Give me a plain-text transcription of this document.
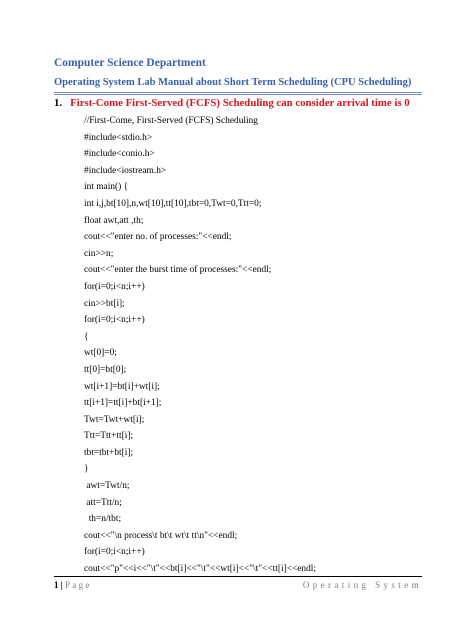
Computer Science Department
Operating System Lab Manual about Short Term Scheduling (CPU Scheduling)
1. First-Come First-Served (FCFS) Scheduling can consider arrival time is 0
//First-Come, First-Served (FCFS) Scheduling
#include<stdio.h>
#include<conio.h>
#include<iostream.h>
int main() {
int i,j,bt[10],n,wt[10],tt[10],tbt=0,Twt=0,Ttt=0;
float awt,att ,th;
cout<<"enter no. of processes:"<<endl;
cin>>n;
cout<<"enter the burst time of processes:"<<endl;
for(i=0;i<n;i++)
cin>>bt[i];
for(i=0;i<n;i++)
{
wt[0]=0;
tt[0]=bt[0];
wt[i+1]=bt[i]+wt[i];
tt[i+1]=tt[i]+bt[i+1];
Twt=Twt+wt[i];
Ttt=Ttt+tt[i];
tbt=tbt+bt[i];
}
awt=Twt/n;
att=Ttt/n;
th=n/tbt;
cout<<"\n process\t bt\t wt\t tt\n"<<endl;
for(i=0;i<n;i++)
cout<<"p"<<i<<"\t"<<bt[i]<<"\t"<<wt[i]<<"\t"<<tt[i]<<endl;
1 | Page	Operating System
